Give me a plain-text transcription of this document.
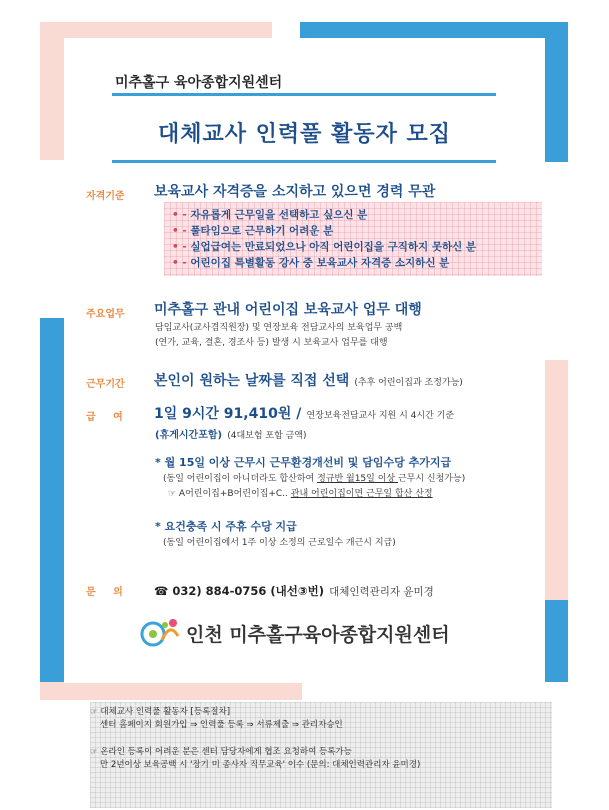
미추홀구 육아종합지원센터
대체교사 인력풀 활동자 모집
자격기준 보육교사 자격증을 소지하고 있으면 경력 무관
• - 자유롭게 근무일을 선택하고 싶으신 분
• - 풀타임으로 근무하기 어려운 분
• - 실업급여는 만료되었으나 아직 어린이집을 구직하지 못하신 분
• - 어린이집 특별활동 강사 중 보육교사 자격증 소지하신 분
주요업무 미추홀구 관내 어린이집 보육교사 업무 대행
담임교사(교사겸직원장) 및 연장보육 전담교사의 보육업무 공백
(연가, 교육, 결혼, 경조사 등) 발생 시 보육교사 업무를 대행
근무기간 본인이 원하는 날짜를 직접 선택 (추후 어린이집과 조정가능)
급     여 1일 9시간 91,410원 / 연장보육전담교사 지원 시 4시간 기준
(휴게시간포함) (4대보험 포함 금액)
* 월 15일 이상 근무시 근무환경개선비 및 담임수당 추가지급
(동일 어린이집이 아니더라도 합산하여 정규반 월15일 이상 근무시 신청가능)
☞ A어린이집+B어린이집+C.. 관내 어린이집이면 근무일 합산 산정
* 요건충족 시 주휴 수당 지급
(동일 어린이집에서 1주 이상 소정의 근로일수 개근시 지급)
문     의	☎ 032) 884-0756 (내선③번) 대체인력관리자 윤미경
인천 미추홀구육아종합지원센터
☞ 대체교사 인력풀 활동자 [등록절차]
센터 홈페이지 회원가입 ⇒ 인력풀 등록 ⇒ 서류제출 ⇒ 관리자승인
☞ 온라인 등록이 어려운 분은 센터 담당자에게 협조 요청하여 등록가능
만 2년이상 보육공백 시 '장기 미 종사자 직무교육' 이수 (문의: 대체인력관리자 윤미경)
